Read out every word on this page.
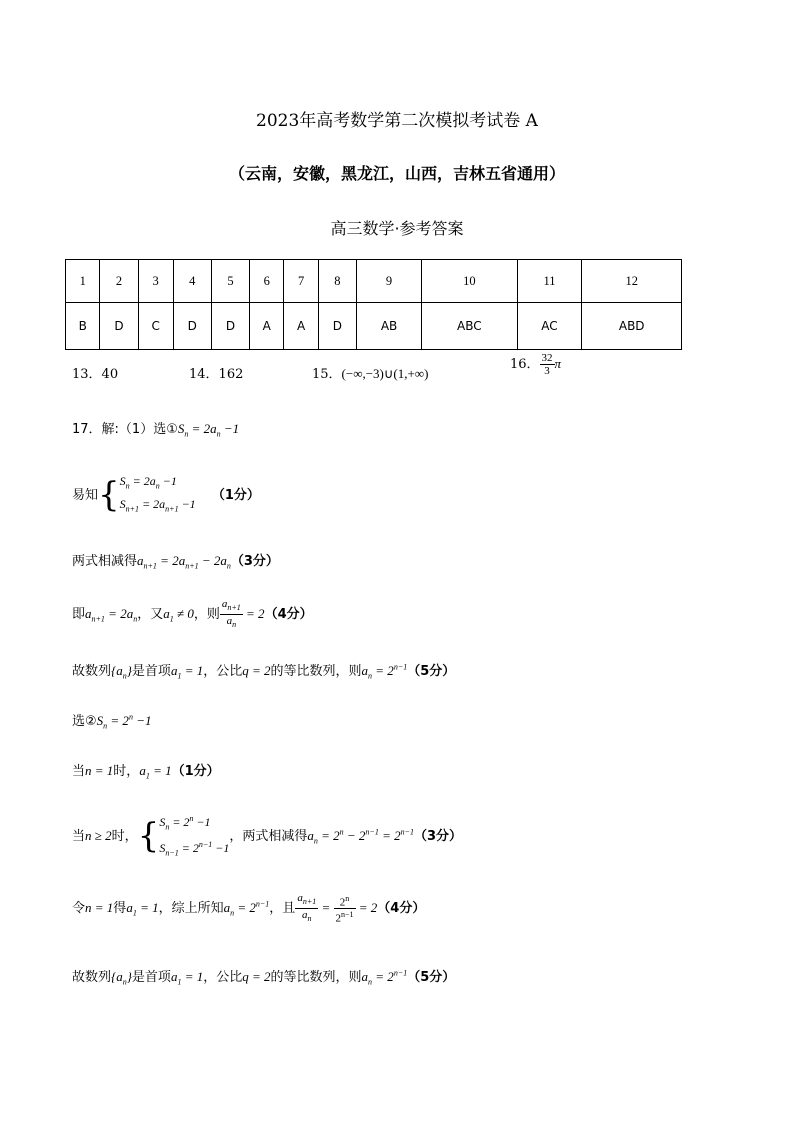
2023年高考数学第二次模拟考试卷 A
（云南，安徽，黑龙江，山西，吉林五省通用）
高三数学·参考答案
1	2	3	4	5	6	7	8	9	10	11	12
B	D	C	D	D	A	A	D	AB	ABC	AC	ABD
13．40	14．162	15．(−∞,−3)∪(1,+∞)
16． $\frac{32}{3}$ π
17．解:（1）选$①S_n = 2a_n -1$
易知{$S_n = 2a_n -1$
$S_{n+1} = 2a_{n+1} -1$ （1分）
两式相减得$a_{n+1} = 2a_{n+1} - 2a_n(3$分）
即$a_{n+1} = 2a_n$，又$a_1 \ne 0$，则 $\frac{a_{n+1}}{a_n} = 2(4$分）
故数列$\{a_n\}$是首项$a_1 = 1$，公比q = 2的等比数列，则$a_n = 2^{n-1}(5$分）
选$②S_n = 2^n -1$
当n = 1时，$a_1 = 1(1$分）
当n ≥ 2时，{$S_n = 2^n -1$
$S_{n-1} = 2^{n-1} -1$，两式相减得$a_n = 2^n - 2^{n-1} = 2^{n-1}(3$分）
令n = 1得$a_1 = 1$，综上所知$a_n = 2^{n-1}$，且 $\frac{a_{n+1}}{a_n} = \frac{2^n}{2^{n-1}} = 2(4$分）
故数列$\{a_n\}$是首项$a_1 = 1$，公比q = 2的等比数列，则$a_n = 2^{n-1}(5$分）
